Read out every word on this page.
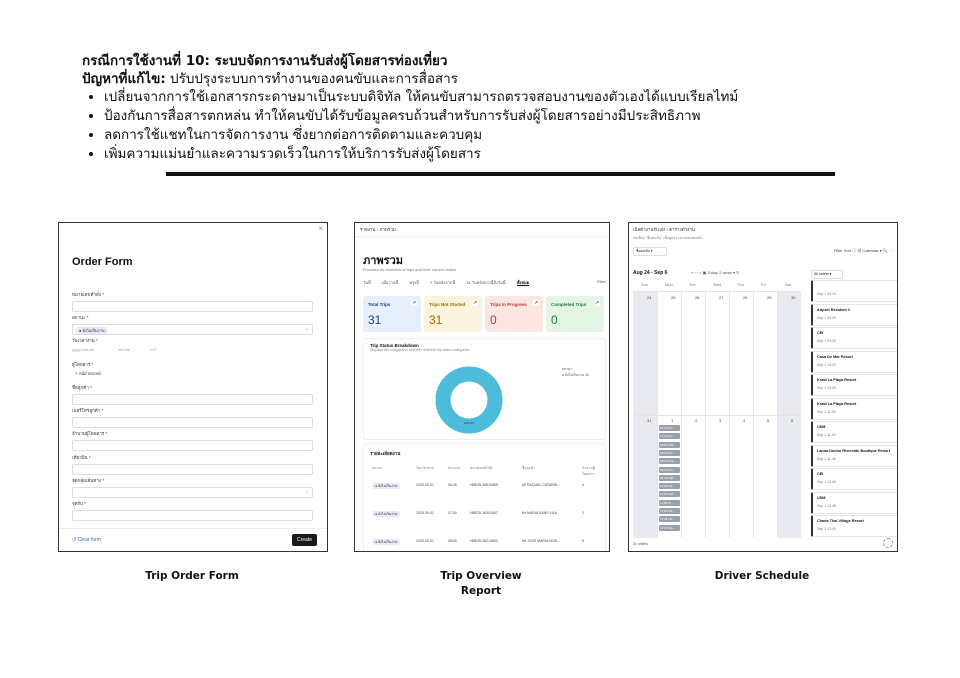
กรณีการใช้งานที่ 10: ระบบจัดการงานรับส่งผู้โดยสารท่องเที่ยว
ปัญหาที่แก้ไข: ปรับปรุงระบบการทำงานของคนขับและการสื่อสาร
• เปลี่ยนจากการใช้เอกสารกระดาษมาเป็นระบบดิจิทัล ให้คนขับสามารถตรวจสอบงานของตัวเองได้แบบเรียลไทม์
• ป้องกันการสื่อสารตกหล่น ทำให้คนขับได้รับข้อมูลครบถ้วนสำหรับการรับส่งผู้โดยสารอย่างมีประสิทธิภาพ
• ลดการใช้แชทในการจัดการงาน ซึ่งยากต่อการติดตามและควบคุม
• เพิ่มความแม่นยำและความรวดเร็วในการให้บริการรับส่งผู้โดยสาร
×
Order Form
หมายเลขคำสั่ง *
สถานะ *
● ยังไม่เริ่มงาน	⌄
วันเวลางาน *
yyyy-mm-dd	hh:mm	+07
ผู้โดยสาร *
+ Add record
ชื่อลูกค้า *
เบอร์โทรลูกค้า *
จำนวนผู้โดยสาร *
เที่ยวบิน *
จัดกลุ่มเส้นทาง *
⌄
จุดรับ *
↺ Clear form	Create
Trip Order Form
รายงาน › ภาพรวม
ภาพรวม
Provides an overview of trips and their current status
วันนี้	เมื่อวานนี้	พรุ่งนี้	7 วันหลังจากนี้	31 วันหลังจากนี้ถึงวันนี้	ทั้งหมด	Filter
Total Trips
31
↗	Trips Not Started
31
↗	Trips In Progress
0
↗	Completed Trips
0
↗
Trip Status Breakdown
Displays the comparison between different trip status categories
100.0%
สถานะ
● ยังไม่เริ่มงาน 31
รายละเอียดงาน
สถานะ	วันเวลางาน	ประเภท	หมายเลขคำสั่ง	ชื่อลูกค้า	จำนวนผู้โดยสาร
● ยังไม่เริ่มงาน	2025-09-01	06:25	HBE25-36510885	Mr RAQUEL CATARIN...	4
● ยังไม่เริ่มงาน	2025-09-01	07:30	HBE25-36341607	Mr MARIA SANS VILA	2
● ยังไม่เริ่มงาน	2025-09-01	08:00	HBE25-36213503	Mr JOSE MARIA MOR...	5
Trip Overview
Report
เบิลตัวงานรับ-ส่ง › ตารางตัวงาน
กดเลือก "ชื่อคนขับ" เพื่อดูตารางงานของคนขับ
ชื่อคนขับ ▾	Filter Sort ⓘ ▦ Calendar ▾ 🔍 ···
Aug 24 - Sep 6	« ‹ › » ▣ Today 2 week ▾ ↻
Sun	Mon	Tue	Wed	Thu	Fri	Sat
24	25	26	27	28	29	30
31	1	2	3	4	5	6
06:25 GL...
07:30 Ao...
08:00 CEI...
08:25 KR...
08:15 Aka...
09:25 Aro...
09:45 CEI...
10:05 Ca...
10:55 CEI...
11:05 Kr...
11:40 US...
11:45 LD...
12:40 CE...
All orders ▾
Sep 1 09:10
Airport Resident 2
Sep 1 09:25
CEI
Sep 1 09:25
Casa De Mar Resort
Sep 1 10:20
Krabi La Playa Resort
Sep 1 10:25
Krabi La Playa Resort
Sep 1 11:25
USM
Sep 1 11:40
Lanna Duoho Riverside Boutique Resort
Sep 1 11:45
CEI
Sep 1 12:40
USM
Sep 1 12:45
Chada Thai Village Resort
Sep 1 12:45
31 orders
Driver Schedule
